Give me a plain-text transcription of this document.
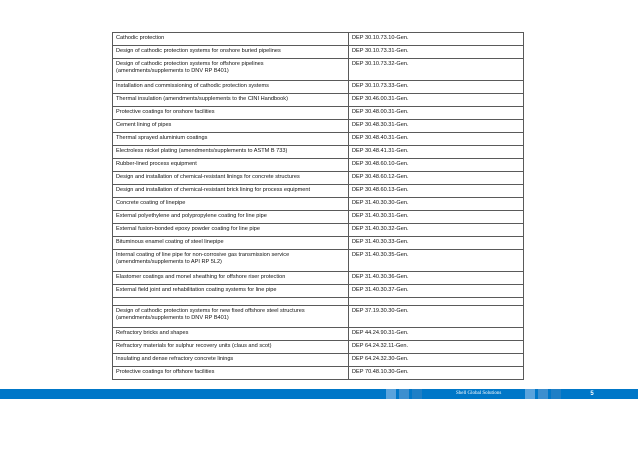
Cathodic protection	DEP 30.10.73.10-Gen.
Design of cathodic protection systems for onshore buried pipelines	DEP 30.10.73.31-Gen.
Design of cathodic protection systems for offshore pipelines
(amendments/supplements to DNV RP B401)	DEP 30.10.73.32-Gen.
Installation and commissioning of cathodic protection systems	DEP 30.10.73.33-Gen.
Thermal insulation (amendments/supplements to the CINI Handbook)	DEP 30.46.00.31-Gen.
Protective coatings for onshore facilities	DEP 30.48.00.31-Gen.
Cement lining of pipes	DEP 30.48.30.31-Gen.
Thermal sprayed aluminium coatings	DEP 30.48.40.31-Gen.
Electroless nickel plating (amendments/supplements to ASTM B 733)	DEP 30.48.41.31-Gen.
Rubber-lined process equipment	DEP 30.48.60.10-Gen.
Design and installation of chemical-resistant linings for concrete structures	DEP 30.48.60.12-Gen.
Design and installation of chemical-resistant brick lining for process equipment	DEP 30.48.60.13-Gen.
Concrete coating of linepipe	DEP 31.40.30.30-Gen.
External polyethylene and polypropylene coating for line pipe	DEP 31.40.30.31-Gen.
External fusion-bonded epoxy powder coating for line pipe	DEP 31.40.30.32-Gen.
Bituminous enamel coating of steel linepipe	DEP 31.40.30.33-Gen.
Internal coating of line pipe for non-corrosive gas transmission service
(amendments/supplements to API RP 5L2)	DEP 31.40.30.35-Gen.
Elastomer coatings and monel sheathing for offshore riser protection	DEP 31.40.30.36-Gen.
External field joint and rehabilitation coating systems for line pipe	DEP 31.40.30.37-Gen.

Design of cathodic protection systems for new fixed offshore steel structures
(amendments/supplements to DNV RP B401)	DEP 37.19.30.30-Gen.
Refractory bricks and shapes	DEP 44.24.90.31-Gen.
Refractory materials for sulphur recovery units (claus and scot)	DEP 64.24.32.11-Gen.
Insulating and dense refractory concrete linings	DEP 64.24.32.30-Gen.
Protective coatings for offshore facilities	DEP 70.48.10.30-Gen.
Shell Global Solutions	5
